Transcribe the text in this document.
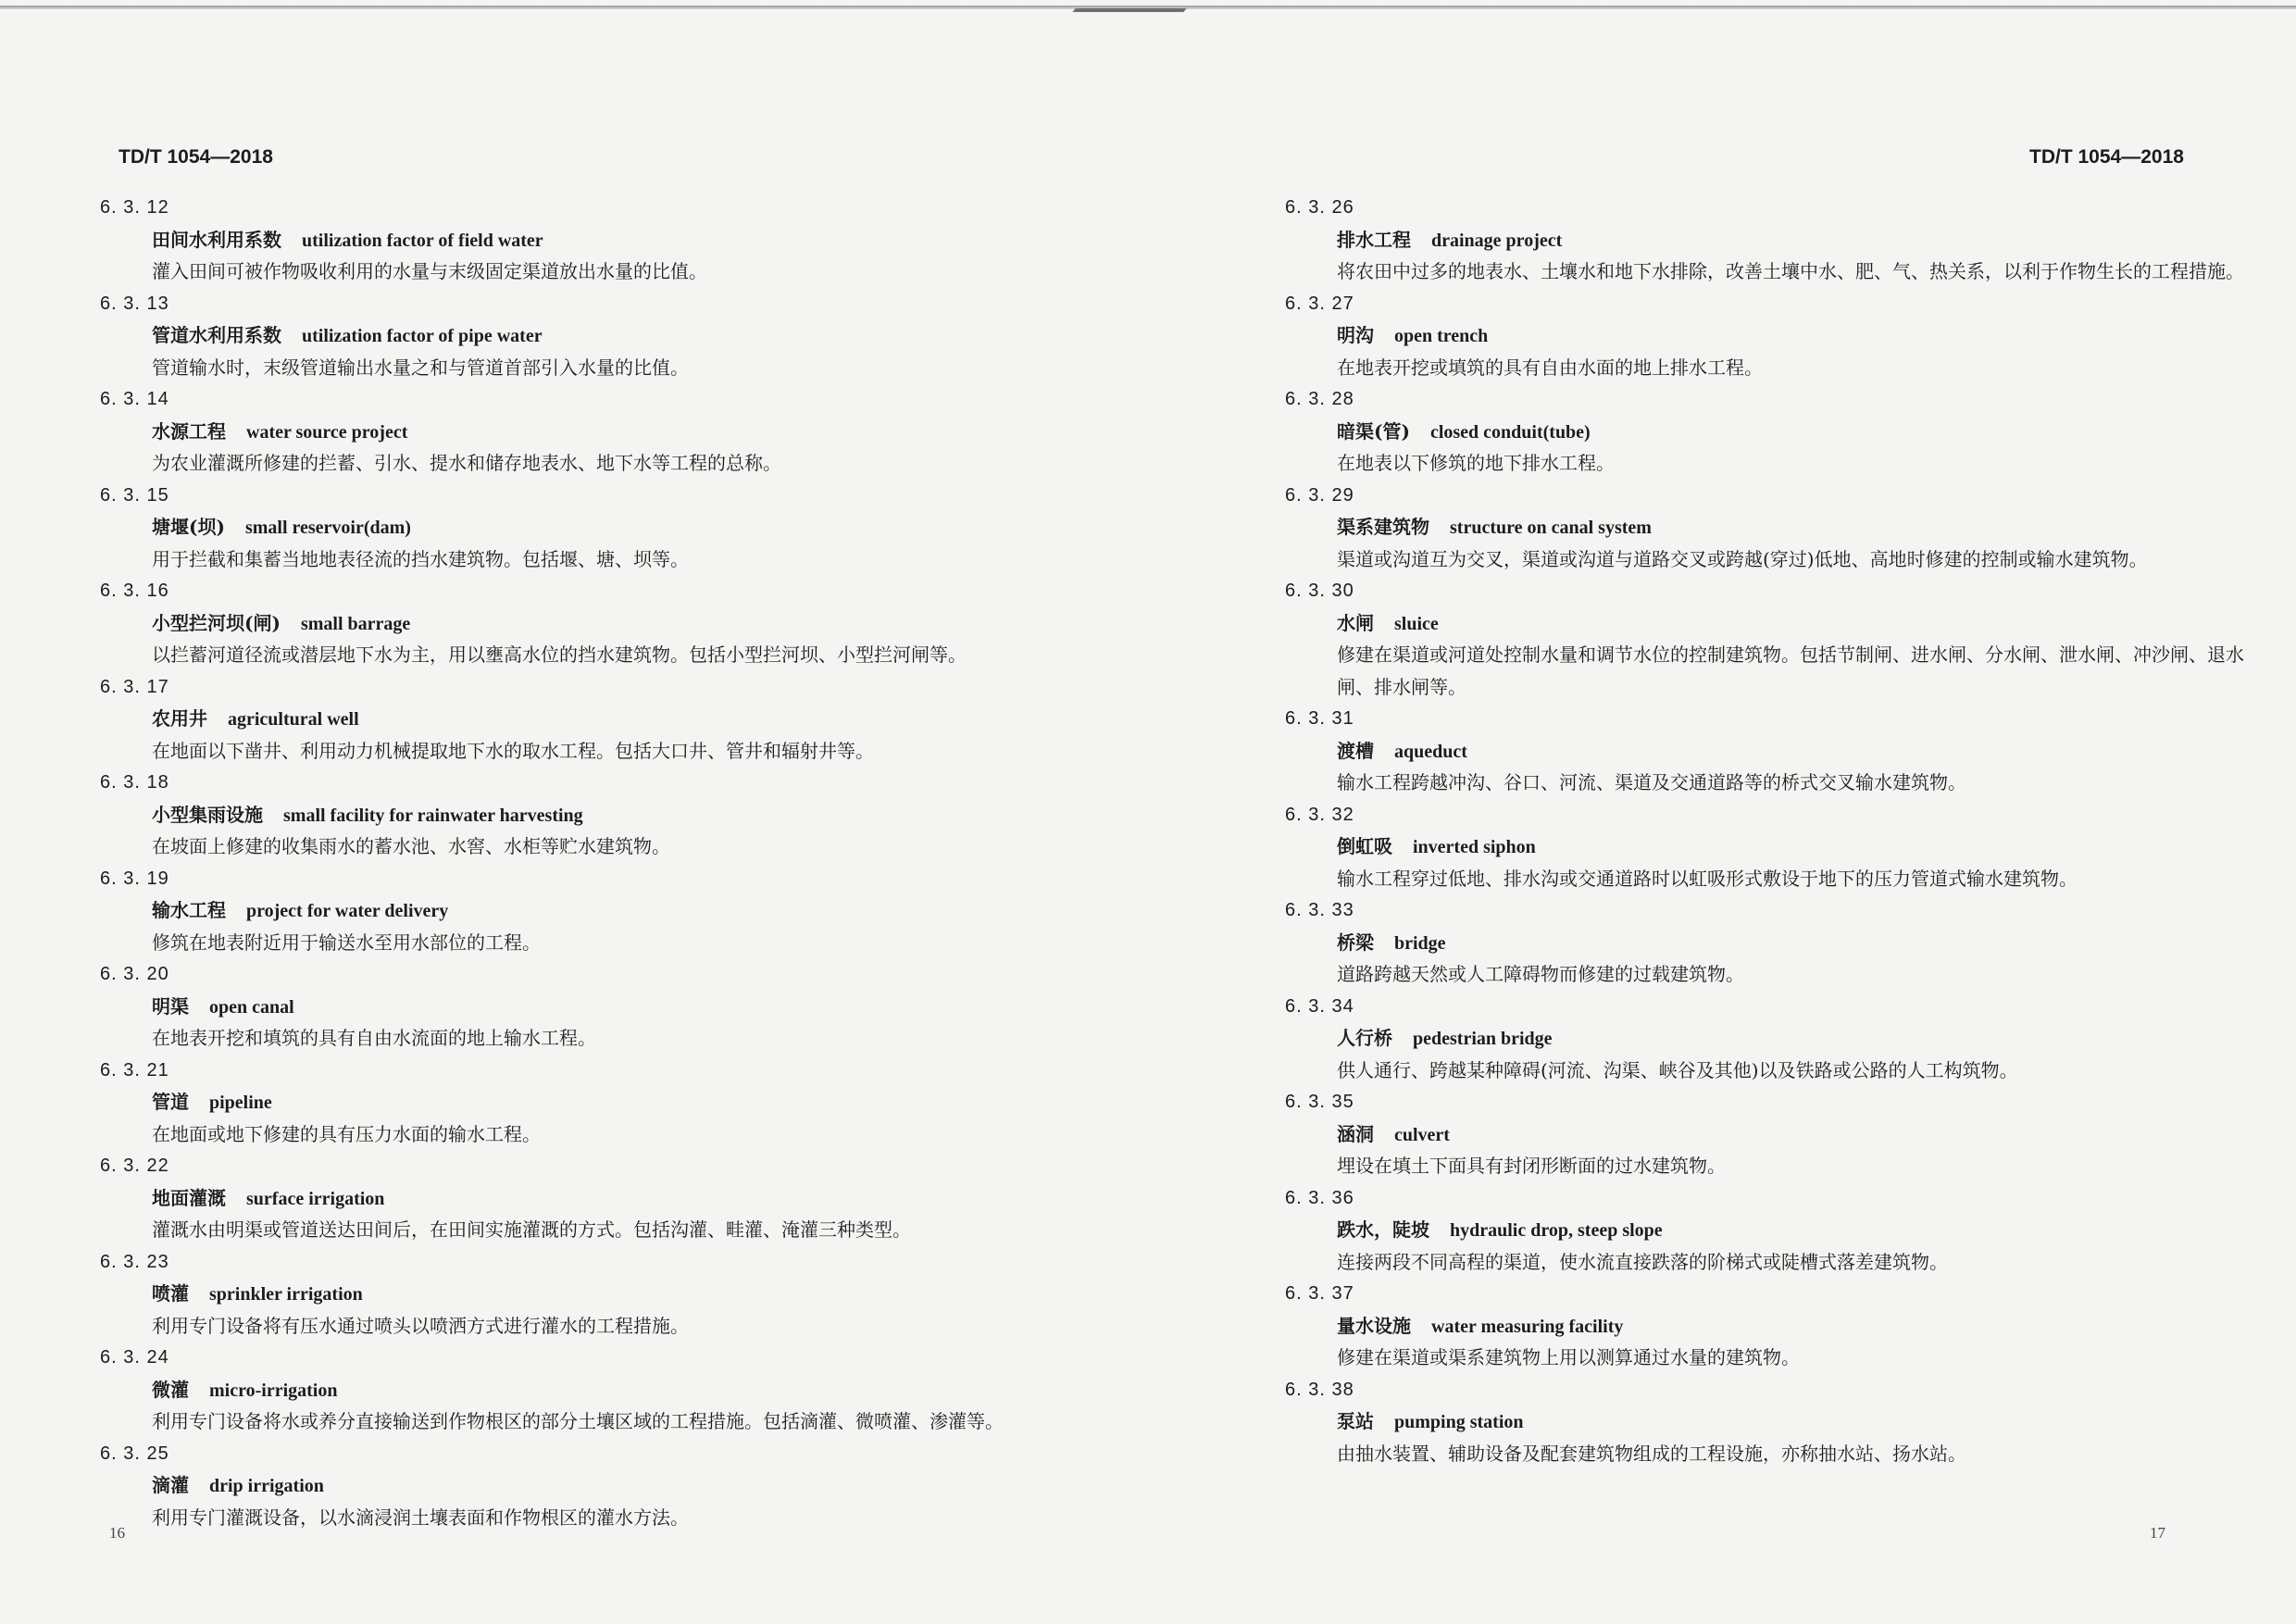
TD/T 1054—2018
6. 3. 12
田间水利用系数 utilization factor of field water
灌入田间可被作物吸收利用的水量与末级固定渠道放出水量的比值。
6. 3. 13
管道水利用系数 utilization factor of pipe water
管道输水时，末级管道输出水量之和与管道首部引入水量的比值。
6. 3. 14
水源工程 water source project
为农业灌溉所修建的拦蓄、引水、提水和储存地表水、地下水等工程的总称。
6. 3. 15
塘堰(坝) small reservoir(dam)
用于拦截和集蓄当地地表径流的挡水建筑物。包括堰、塘、坝等。
6. 3. 16
小型拦河坝(闸) small barrage
以拦蓄河道径流或潜层地下水为主，用以壅高水位的挡水建筑物。包括小型拦河坝、小型拦河闸等。
6. 3. 17
农用井 agricultural well
在地面以下凿井、利用动力机械提取地下水的取水工程。包括大口井、管井和辐射井等。
6. 3. 18
小型集雨设施 small facility for rainwater harvesting
在坡面上修建的收集雨水的蓄水池、水窖、水柜等贮水建筑物。
6. 3. 19
输水工程 project for water delivery
修筑在地表附近用于输送水至用水部位的工程。
6. 3. 20
明渠 open canal
在地表开挖和填筑的具有自由水流面的地上输水工程。
6. 3. 21
管道 pipeline
在地面或地下修建的具有压力水面的输水工程。
6. 3. 22
地面灌溉 surface irrigation
灌溉水由明渠或管道送达田间后，在田间实施灌溉的方式。包括沟灌、畦灌、淹灌三种类型。
6. 3. 23
喷灌 sprinkler irrigation
利用专门设备将有压水通过喷头以喷洒方式进行灌水的工程措施。
6. 3. 24
微灌 micro-irrigation
利用专门设备将水或养分直接输送到作物根区的部分土壤区域的工程措施。包括滴灌、微喷灌、渗灌等。
6. 3. 25
滴灌 drip irrigation
利用专门灌溉设备，以水滴浸润土壤表面和作物根区的灌水方法。
16
TD/T 1054—2018
6. 3. 26
排水工程 drainage project
将农田中过多的地表水、土壤水和地下水排除，改善土壤中水、肥、气、热关系，以利于作物生长的工程措施。
6. 3. 27
明沟 open trench
在地表开挖或填筑的具有自由水面的地上排水工程。
6. 3. 28
暗渠(管) closed conduit(tube)
在地表以下修筑的地下排水工程。
6. 3. 29
渠系建筑物 structure on canal system
渠道或沟道互为交叉，渠道或沟道与道路交叉或跨越(穿过)低地、高地时修建的控制或输水建筑物。
6. 3. 30
水闸 sluice
修建在渠道或河道处控制水量和调节水位的控制建筑物。包括节制闸、进水闸、分水闸、泄水闸、冲沙闸、退水闸、排水闸等。
6. 3. 31
渡槽 aqueduct
输水工程跨越冲沟、谷口、河流、渠道及交通道路等的桥式交叉输水建筑物。
6. 3. 32
倒虹吸 inverted siphon
输水工程穿过低地、排水沟或交通道路时以虹吸形式敷设于地下的压力管道式输水建筑物。
6. 3. 33
桥梁 bridge
道路跨越天然或人工障碍物而修建的过载建筑物。
6. 3. 34
人行桥 pedestrian bridge
供人通行、跨越某种障碍(河流、沟渠、峡谷及其他)以及铁路或公路的人工构筑物。
6. 3. 35
涵洞 culvert
埋设在填土下面具有封闭形断面的过水建筑物。
6. 3. 36
跌水，陡坡 hydraulic drop, steep slope
连接两段不同高程的渠道，使水流直接跌落的阶梯式或陡槽式落差建筑物。
6. 3. 37
量水设施 water measuring facility
修建在渠道或渠系建筑物上用以测算通过水量的建筑物。
6. 3. 38
泵站 pumping station
由抽水装置、辅助设备及配套建筑物组成的工程设施，亦称抽水站、扬水站。
17
